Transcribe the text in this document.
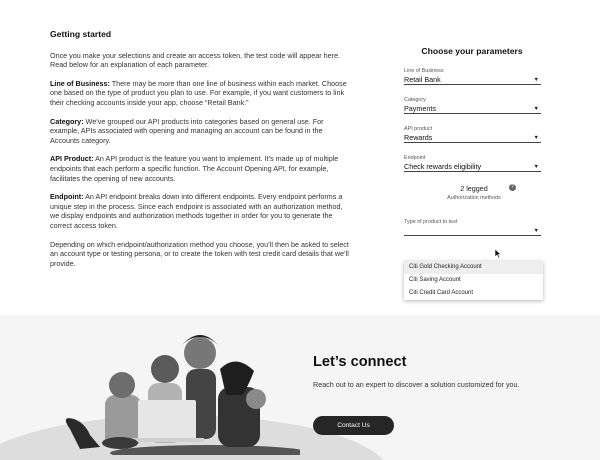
Getting started

Once you make your selections and create an access token, the test code will appear here. Read below for an explanation of each parameter.

Line of Business: There may be more than one line of business within each market. Choose one based on the type of product you plan to use. For example, if you want customers to link their checking accounts inside your app, choose “Retail Bank.”

Category: We’ve grouped our API products into categories based on general use. For example, APIs associated with opening and managing an account can be found in the Accounts category.

API Product: An API product is the feature you want to implement. It’s made up of multiple endpoints that each perform a specific function. The Account Opening API, for example, facilitates the opening of new accounts.

Endpoint: An API endpoint breaks down into different endpoints. Every endpoint performs a unique step in the process. Since each endpoint is associated with an authorization method, we display endpoints and authorization methods together in order for you to generate the correct access token.

Depending on which endpoint/authorization method you choose, you’ll then be asked to select an account type or testing persona, or to create the token with test credit card details that we’ll provide.

Choose your parameters
Line of Business
Retail Bank	▼
Category
Payments	▼
API product
Rewards	▼
Endpoint
Check rewards eligibility	▼
2 legged
Authorization methods
?
Type of product to test
▼
Citi Gold Checking Account
Citi Saving Account
Citi Credit Card Account
Let’s connect

Reach out to an expert to discover a solution customized for you.

Contact Us
